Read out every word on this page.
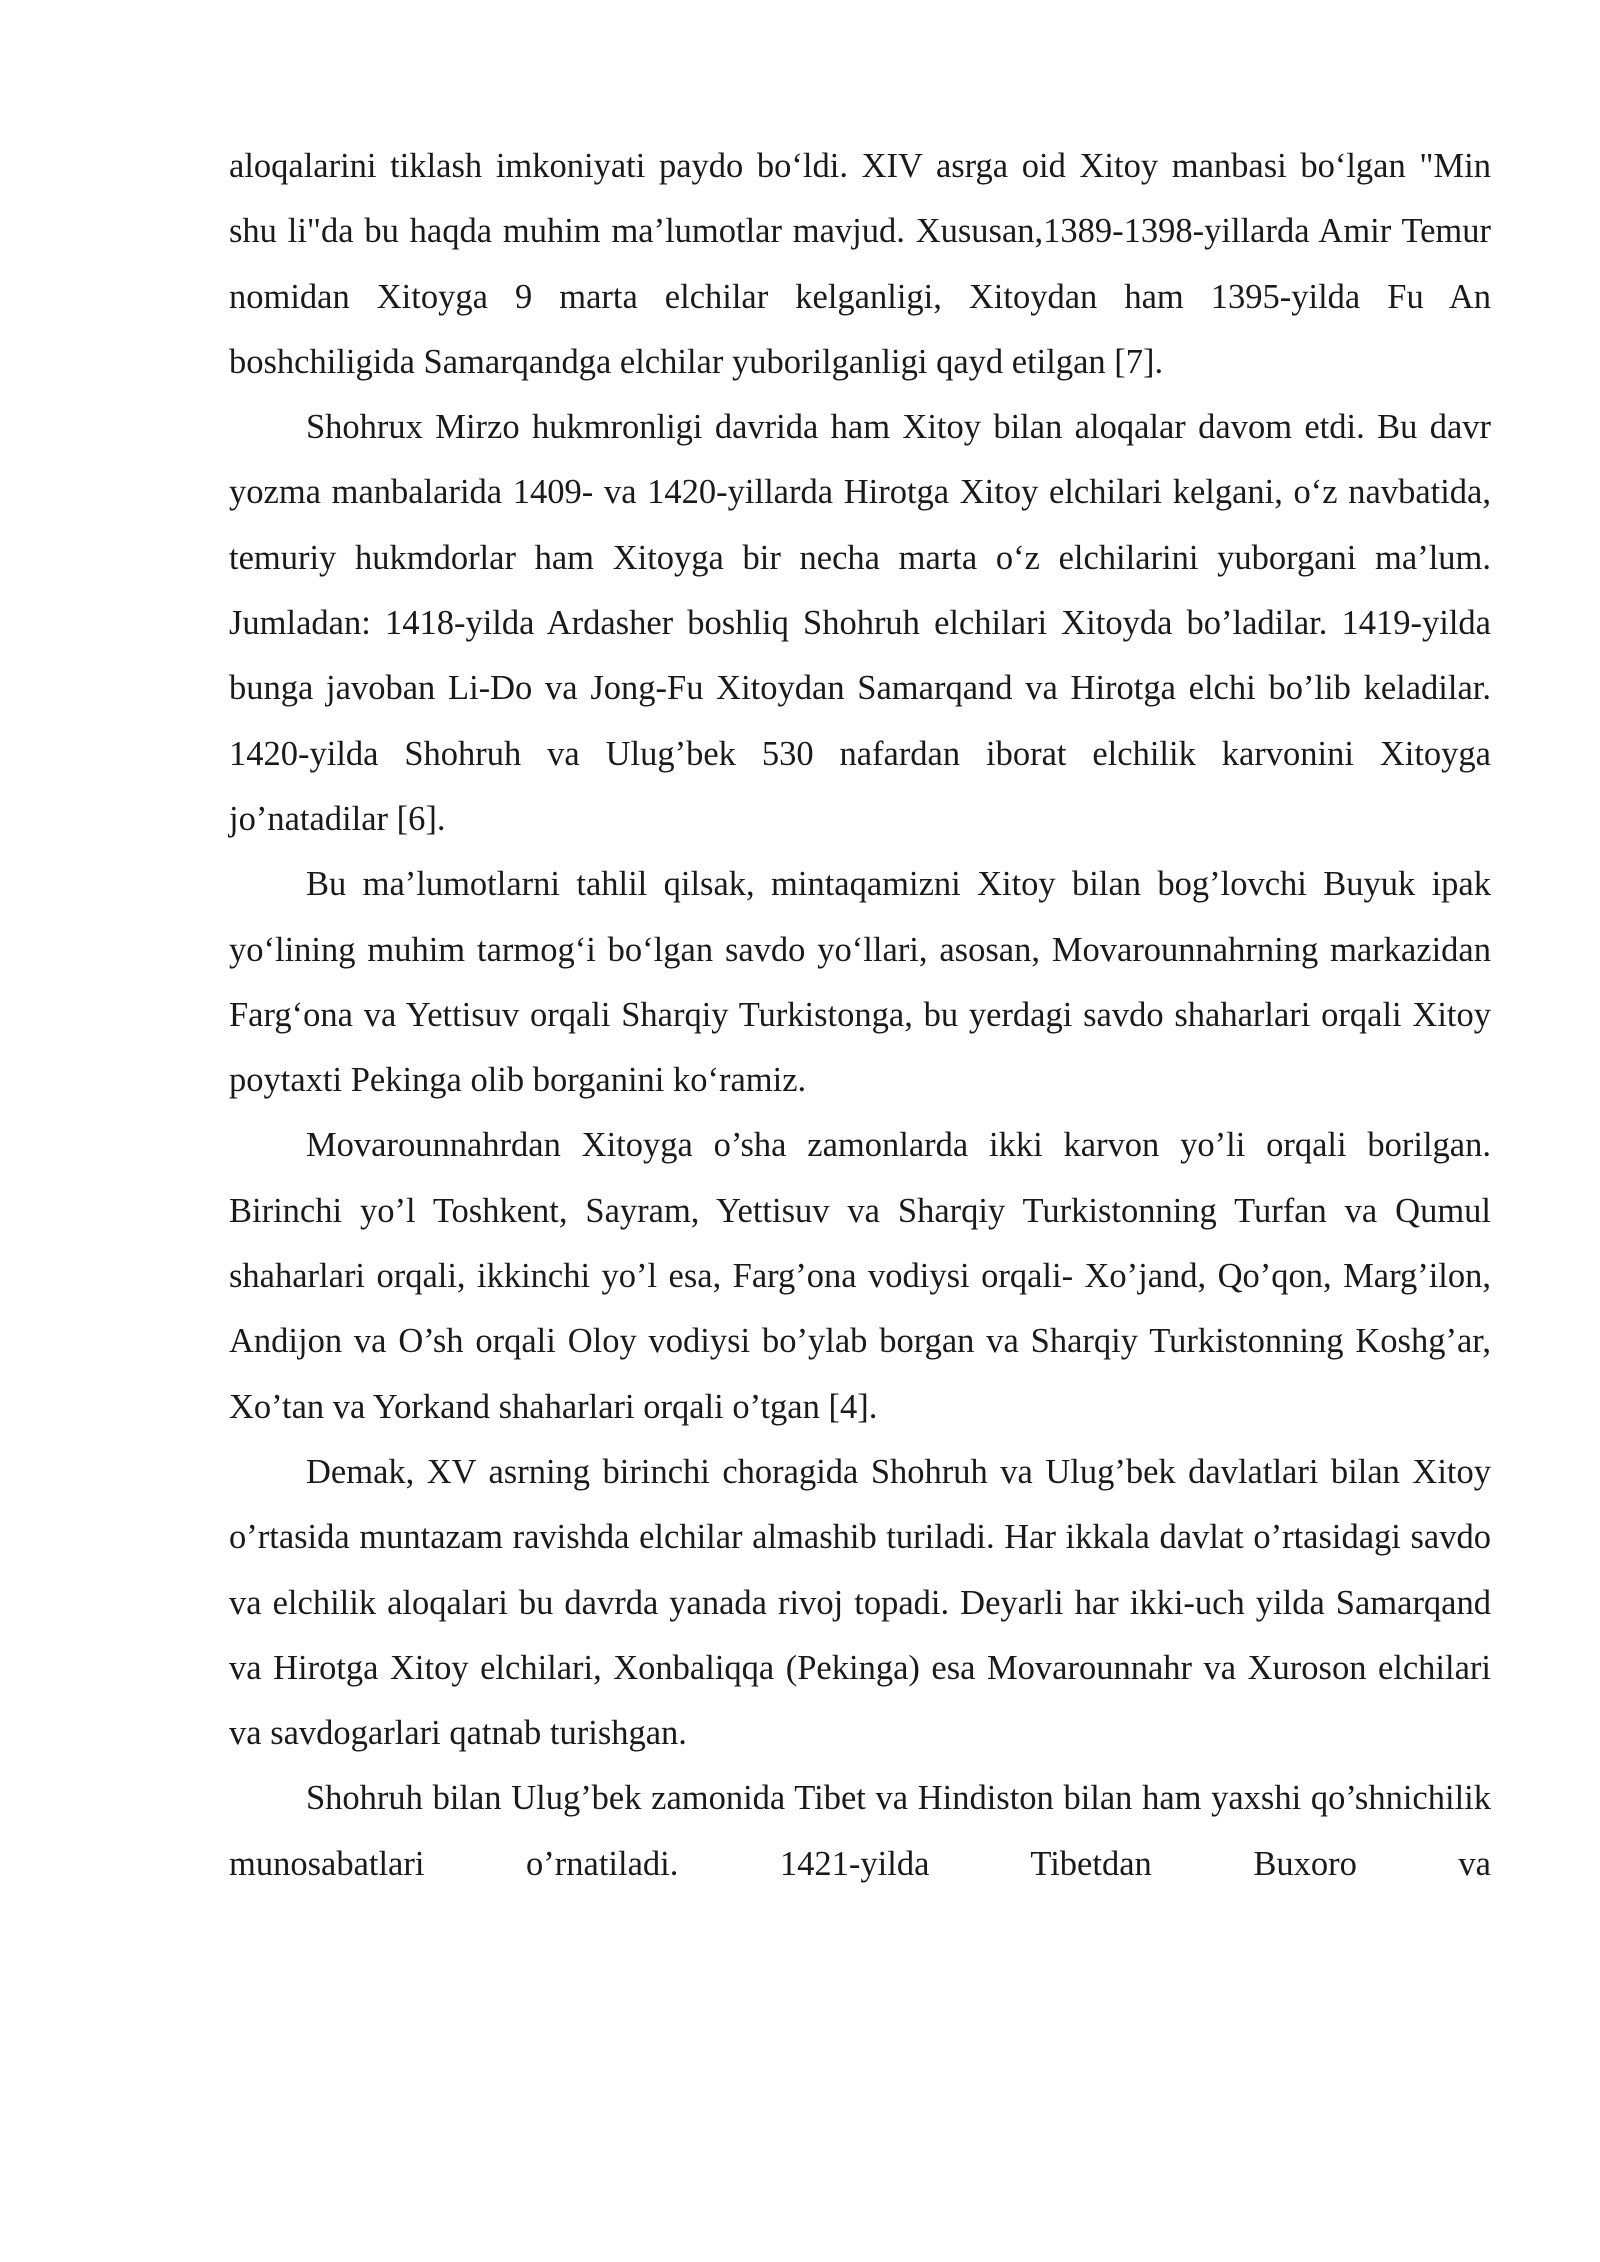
aloqalarini tiklash imkoniyati paydo bo‘ldi. XIV asrga oid Xitoy manbasi bo‘lgan "Min shu li"da bu haqda muhim ma’lumotlar mavjud. Xususan,1389-1398-yillarda Amir Temur nomidan Xitoyga 9 marta elchilar kelganligi, Xitoydan ham 1395-yilda Fu An boshchiligida Samarqandga elchilar yuborilganligi qayd etilgan [7].

Shohrux Mirzo hukmronligi davrida ham Xitoy bilan aloqalar davom etdi. Bu davr yozma manbalarida 1409- va 1420-yillarda Hirotga Xitoy elchilari kelgani, o‘z navbatida, temuriy hukmdorlar ham Xitoyga bir necha marta o‘z elchilarini yuborgani ma’lum. Jumladan: 1418-yilda Ardasher boshliq Shohruh elchilari Xitoyda bo’ladilar. 1419-yilda bunga javoban Li-Do va Jong-Fu Xitoydan Samarqand va Hirotga elchi bo’lib keladilar. 1420-yilda Shohruh va Ulug’bek 530 nafardan iborat elchilik karvonini Xitoyga jo’natadilar [6].

Bu ma’lumotlarni tahlil qilsak, mintaqamizni Xitoy bilan bog’lovchi Buyuk ipak yo‘lining muhim tarmog‘i bo‘lgan savdo yo‘llari, asosan, Movarounnahrning markazidan Farg‘ona va Yettisuv orqali Sharqiy Turkistonga, bu yerdagi savdo shaharlari orqali Xitoy poytaxti Pekinga olib borganini ko‘ramiz.

Movarounnahrdan Xitoyga o’sha zamonlarda ikki karvon yo’li orqali borilgan. Birinchi yo’l Toshkent, Sayram, Yettisuv va Sharqiy Turkistonning Turfan va Qumul shaharlari orqali, ikkinchi yo’l esa, Farg’ona vodiysi orqali- Xo’jand, Qo’qon, Marg’ilon, Andijon va O’sh orqali Oloy vodiysi bo’ylab borgan va Sharqiy Turkistonning Koshg’ar, Xo’tan va Yorkand shaharlari orqali o’tgan [4].

Demak, XV asrning birinchi choragida Shohruh va Ulug’bek davlatlari bilan Xitoy o’rtasida muntazam ravishda elchilar almashib turiladi. Har ikkala davlat o’rtasidagi savdo va elchilik aloqalari bu davrda yanada rivoj topadi. Deyarli har ikki-uch yilda Samarqand va Hirotga Xitoy elchilari, Xonbaliqqa (Pekinga) esa Movarounnahr va Xuroson elchilari va savdogarlari qatnab turishgan.

Shohruh bilan Ulug’bek zamonida Tibet va Hindiston bilan ham yaxshi qo’shnichilik munosabatlari o’rnatiladi. 1421-yilda Tibetdan Buxoro va
